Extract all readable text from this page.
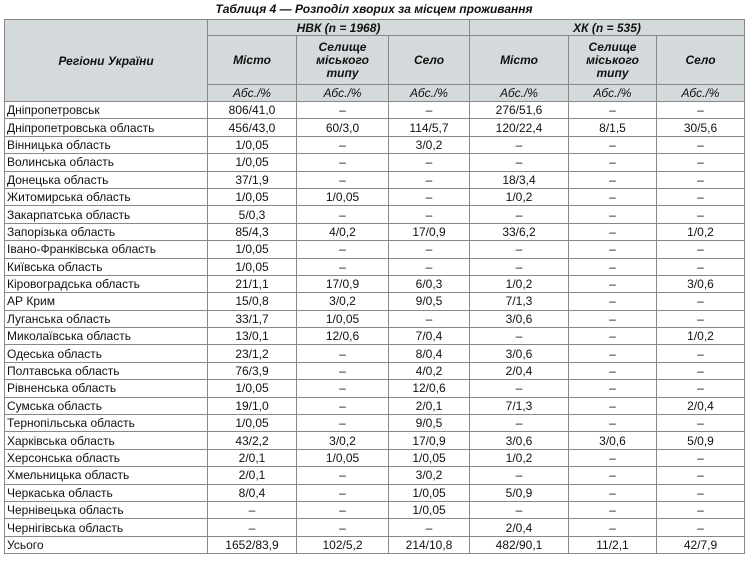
Таблиця 4 — Розподіл хворих за місцем проживання
Регіони України	НВК (n = 1968)			ХК (n = 535)		
	Місто	Селище міського типу	Село	Місто	Селище міського типу	Село
	Абс./%	Абс./%	Абс./%	Абс./%	Абс./%	Абс./%
Дніпропетровськ	806/41,0	–	–	276/51,6	–	–
Дніпропетровська область	456/43,0	60/3,0	114/5,7	120/22,4	8/1,5	30/5,6
Вінницька область	1/0,05	–	3/0,2	–	–	–
Волинська область	1/0,05	–	–	–	–	–
Донецька область	37/1,9	–	–	18/3,4	–	–
Житомирська область	1/0,05	1/0,05	–	1/0,2	–	–
Закарпатська область	5/0,3	–	–	–	–	–
Запорізька область	85/4,3	4/0,2	17/0,9	33/6,2	–	1/0,2
Івано-Франківська область	1/0,05	–	–	–	–	–
Київська область	1/0,05	–	–	–	–	–
Кіровоградська область	21/1,1	17/0,9	6/0,3	1/0,2	–	3/0,6
АР Крим	15/0,8	3/0,2	9/0,5	7/1,3	–	–
Луганська область	33/1,7	1/0,05	–	3/0,6	–	–
Миколаївська область	13/0,1	12/0,6	7/0,4	–	–	1/0,2
Одеська область	23/1,2	–	8/0,4	3/0,6	–	–
Полтавська область	76/3,9	–	4/0,2	2/0,4	–	–
Рівненська область	1/0,05	–	12/0,6	–	–	–
Сумська область	19/1,0	–	2/0,1	7/1,3	–	2/0,4
Тернопільська область	1/0,05	–	9/0,5	–	–	–
Харківська область	43/2,2	3/0,2	17/0,9	3/0,6	3/0,6	5/0,9
Херсонська область	2/0,1	1/0,05	1/0,05	1/0,2	–	–
Хмельницька область	2/0,1	–	3/0,2	–	–	–
Черкаська область	8/0,4	–	1/0,05	5/0,9	–	–
Чернівецька область	–	–	1/0,05	–	–	–
Чернігівська область	–	–	–	2/0,4	–	–
Усього	1652/83,9	102/5,2	214/10,8	482/90,1	11/2,1	42/7,9
